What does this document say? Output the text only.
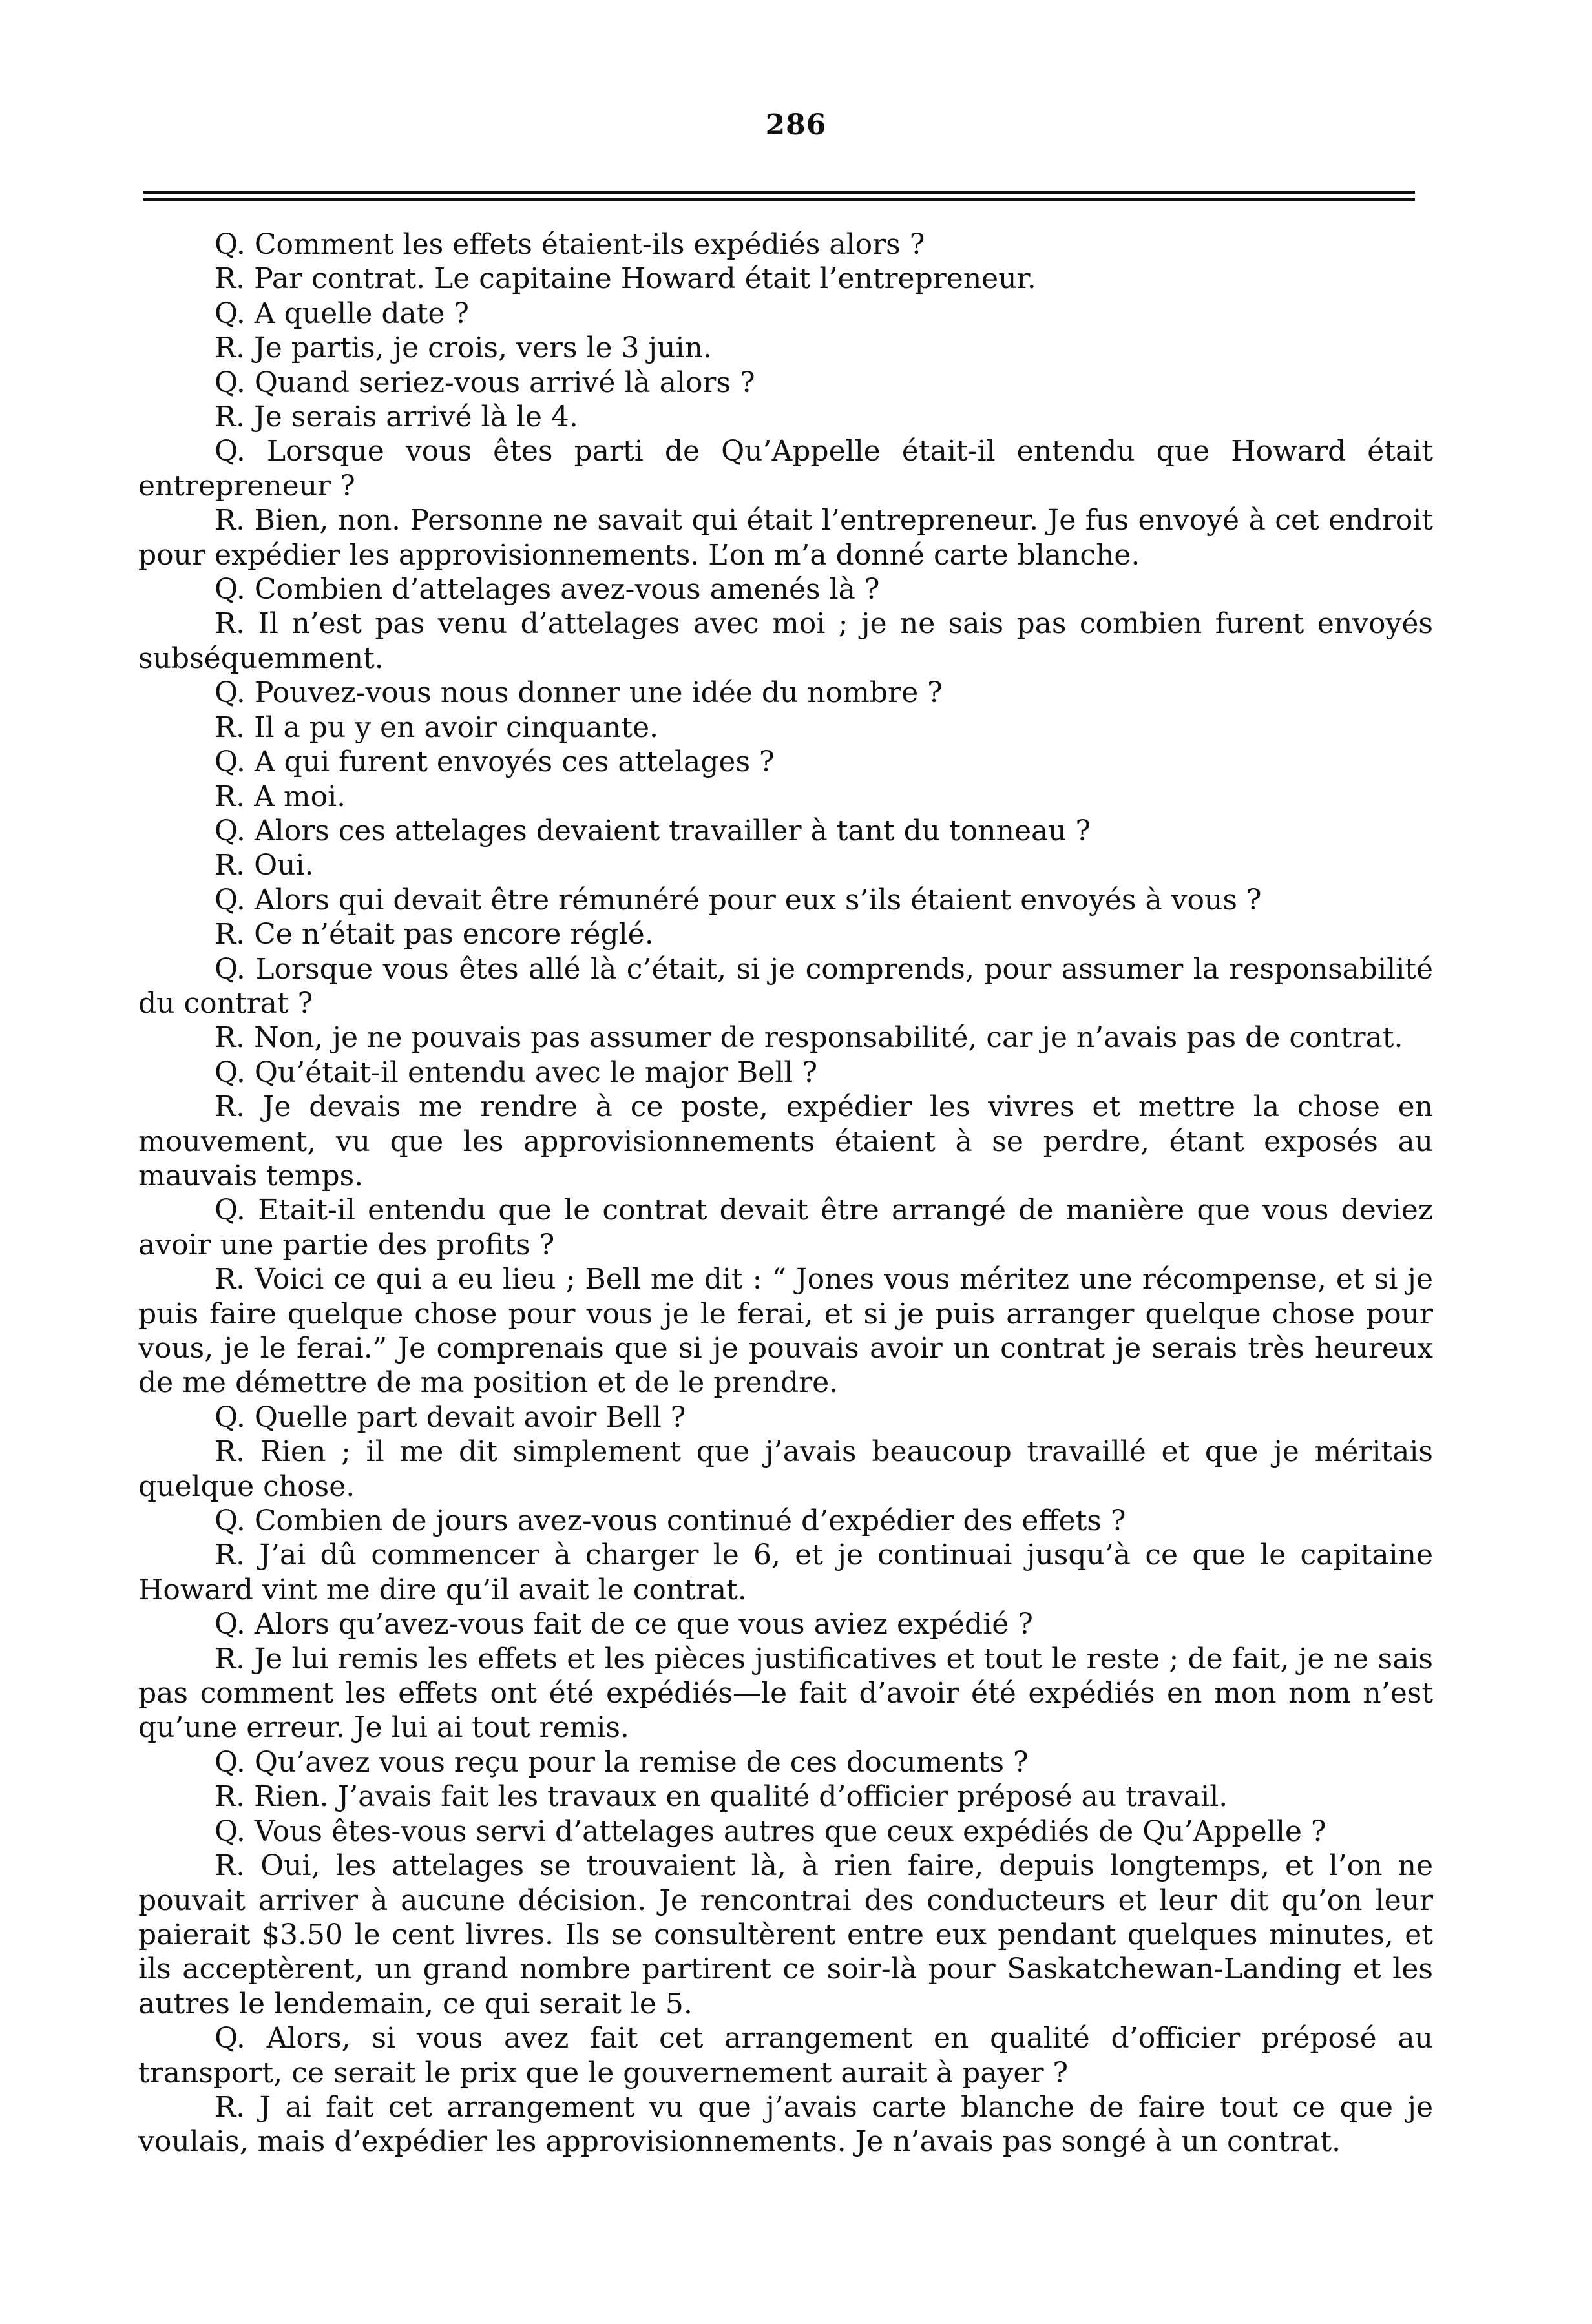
286

Q. Comment les effets étaient-ils expédiés alors ?

R. Par contrat. Le capitaine Howard était l’entrepreneur.

Q. A quelle date ?

R. Je partis, je crois, vers le 3 juin.

Q. Quand seriez-vous arrivé là alors ?

R. Je serais arrivé là le 4.

Q. Lorsque vous êtes parti de Qu’Appelle était-il entendu que Howard était entrepreneur ?

R. Bien, non. Personne ne savait qui était l’entrepreneur. Je fus envoyé à cet endroit pour expédier les approvisionnements. L’on m’a donné carte blanche.

Q. Combien d’attelages avez-vous amenés là ?

R. Il n’est pas venu d’attelages avec moi ; je ne sais pas combien furent envoyés subséquemment.

Q. Pouvez-vous nous donner une idée du nombre ?

R. Il a pu y en avoir cinquante.

Q. A qui furent envoyés ces attelages ?

R. A moi.

Q. Alors ces attelages devaient travailler à tant du tonneau ?

R. Oui.

Q. Alors qui devait être rémunéré pour eux s’ils étaient envoyés à vous ?

R. Ce n’était pas encore réglé.

Q. Lorsque vous êtes allé là c’était, si je comprends, pour assumer la responsabilité du contrat ?

R. Non, je ne pouvais pas assumer de responsabilité, car je n’avais pas de contrat.

Q. Qu’était-il entendu avec le major Bell ?

R. Je devais me rendre à ce poste, expédier les vivres et mettre la chose en mouvement, vu que les approvisionnements étaient à se perdre, étant exposés au mauvais temps.

Q. Etait-il entendu que le contrat devait être arrangé de manière que vous deviez avoir une partie des profits ?

R. Voici ce qui a eu lieu ; Bell me dit : “ Jones vous méritez une récompense, et si je puis faire quelque chose pour vous je le ferai, et si je puis arranger quelque chose pour vous, je le ferai.” Je comprenais que si je pouvais avoir un contrat je serais très heureux de me démettre de ma position et de le prendre.

Q. Quelle part devait avoir Bell ?

R. Rien ; il me dit simplement que j’avais beaucoup travaillé et que je méritais quelque chose.

Q. Combien de jours avez-vous continué d’expédier des effets ?

R. J’ai dû commencer à charger le 6, et je continuai jusqu’à ce que le capitaine Howard vint me dire qu’il avait le contrat.

Q. Alors qu’avez-vous fait de ce que vous aviez expédié ?

R. Je lui remis les effets et les pièces justificatives et tout le reste ; de fait, je ne sais pas comment les effets ont été expédiés—le fait d’avoir été expédiés en mon nom n’est qu’une erreur. Je lui ai tout remis.

Q. Qu’avez vous reçu pour la remise de ces documents ?

R. Rien. J’avais fait les travaux en qualité d’officier préposé au travail.

Q. Vous êtes-vous servi d’attelages autres que ceux expédiés de Qu’Appelle ?

R. Oui, les attelages se trouvaient là, à rien faire, depuis longtemps, et l’on ne pouvait arriver à aucune décision. Je rencontrai des conducteurs et leur dit qu’on leur paierait $3.50 le cent livres. Ils se consultèrent entre eux pendant quelques minutes, et ils acceptèrent, un grand nombre partirent ce soir-là pour Saskatchewan-Landing et les autres le lendemain, ce qui serait le 5.

Q. Alors, si vous avez fait cet arrangement en qualité d’officier préposé au transport, ce serait le prix que le gouvernement aurait à payer ?

R. J ai fait cet arrangement vu que j’avais carte blanche de faire tout ce que je voulais, mais d’expédier les approvisionnements. Je n’avais pas songé à un contrat.
